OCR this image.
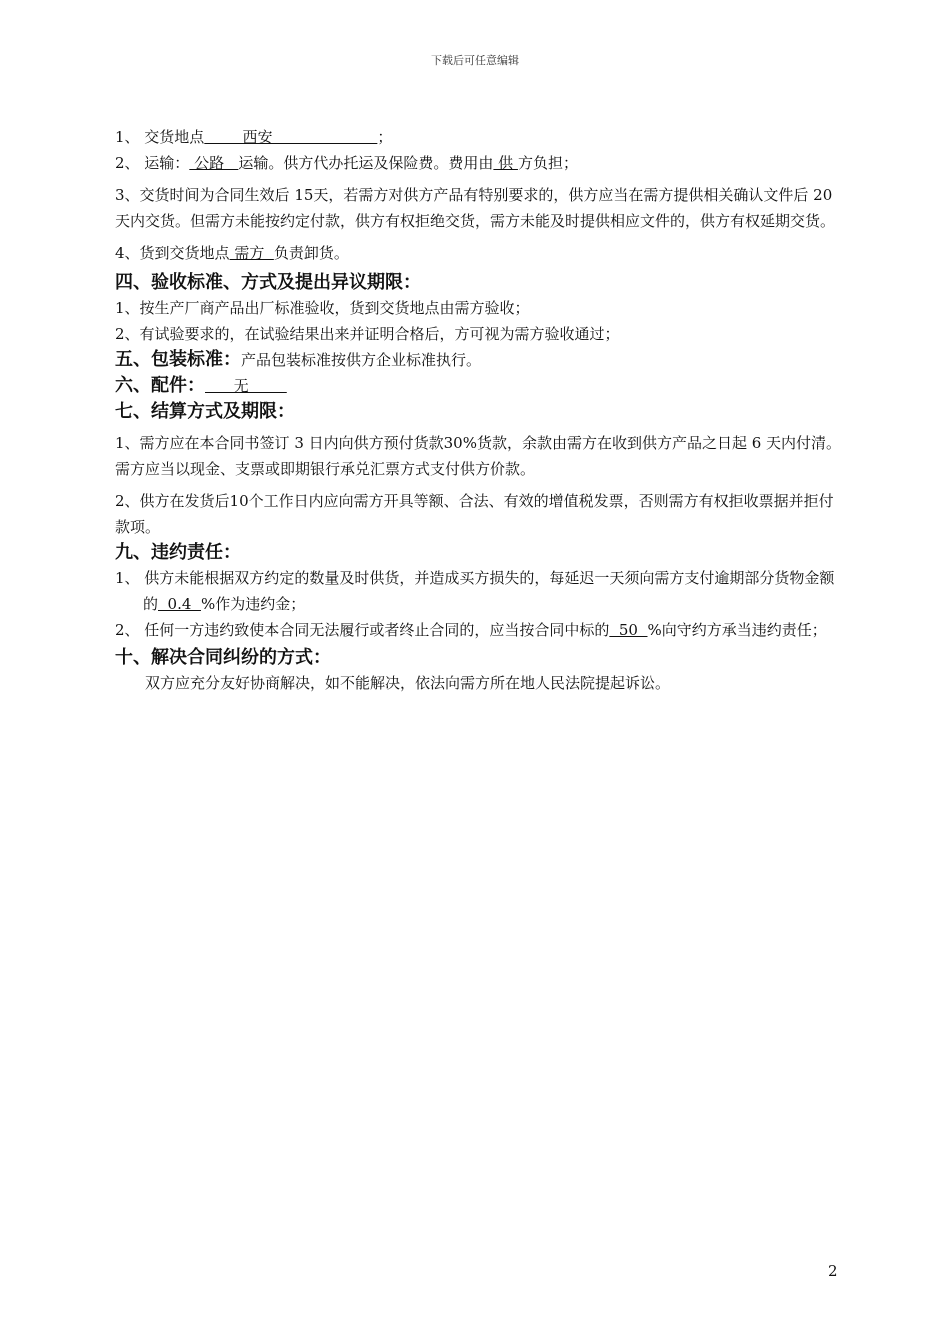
下载后可任意编辑

1、 交货地点        西安                      ；

2、 运输： 公路   运输。供方代办托运及保险费。费用由 供 方负担；

3、交货时间为合同生效后 15天，若需方对供方产品有特别要求的，供方应当在需方提供相关确认文件后 20 天内交货。但需方未能按约定付款，供方有权拒绝交货，需方未能及时提供相应文件的，供方有权延期交货。

4、货到交货地点 需方  负责卸货。

四、验收标准、方式及提出异议期限：

1、按生产厂商产品出厂标准验收，货到交货地点由需方验收；

2、有试验要求的，在试验结果出来并证明合格后，方可视为需方验收通过；

五、包装标准：产品包装标准按供方企业标准执行。

六、配件：      无

七、结算方式及期限：

1、需方应在本合同书签订 3 日内向供方预付货款30%货款，余款由需方在收到供方产品之日起 6 天内付清。需方应当以现金、支票或即期银行承兑汇票方式支付供方价款。

2、供方在发货后10个工作日内应向需方开具等额、合法、有效的增值税发票，否则需方有权拒收票据并拒付款项。

九、违约责任：

1、 供方未能根据双方约定的数量及时供货，并造成买方损失的，每延迟一天须向需方支付逾期部分货物金额的  0.4  %作为违约金；

2、 任何一方违约致使本合同无法履行或者终止合同的，应当按合同中标的  50  %向守约方承当违约责任；

十、解决合同纠纷的方式：

双方应充分友好协商解决，如不能解决，依法向需方所在地人民法院提起诉讼。

2
